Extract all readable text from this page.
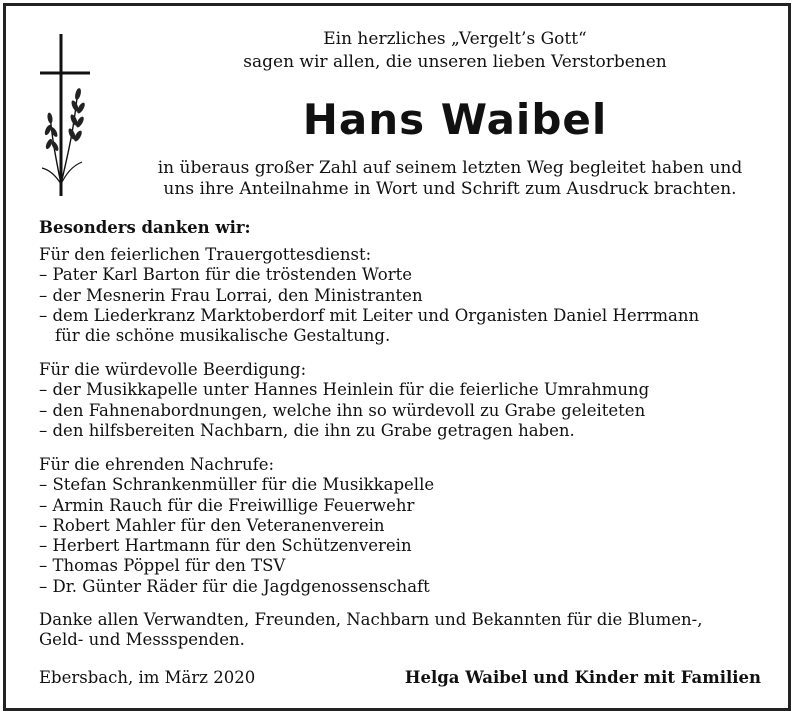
Ein herzliches „Vergelt’s Gott“
sagen wir allen, die unseren lieben Verstorbenen
Hans Waibel
in überaus großer Zahl auf seinem letzten Weg begleitet haben und
uns ihre Anteilnahme in Wort und Schrift zum Ausdruck brachten.

Besonders danken wir:

Für den feierlichen Trauergottesdienst:

– Pater Karl Barton für die tröstenden Worte

– der Mesnerin Frau Lorrai, den Ministranten

– dem Liederkranz Marktoberdorf mit Leiter und Organisten Daniel Herrmann

für die schöne musikalische Gestaltung.

Für die würdevolle Beerdigung:

– der Musikkapelle unter Hannes Heinlein für die feierliche Umrahmung

– den Fahnenabordnungen, welche ihn so würdevoll zu Grabe geleiteten

– den hilfsbereiten Nachbarn, die ihn zu Grabe getragen haben.

Für die ehrenden Nachrufe:

– Stefan Schrankenmüller für die Musikkapelle

– Armin Rauch für die Freiwillige Feuerwehr

– Robert Mahler für den Veteranenverein

– Herbert Hartmann für den Schützenverein

– Thomas Pöppel für den TSV

– Dr. Günter Räder für die Jagdgenossenschaft

Danke allen Verwandten, Freunden, Nachbarn und Bekannten für die Blumen-,

Geld- und Messspenden.

Ebersbach, im März 2020	Helga Waibel und Kinder mit Familien
